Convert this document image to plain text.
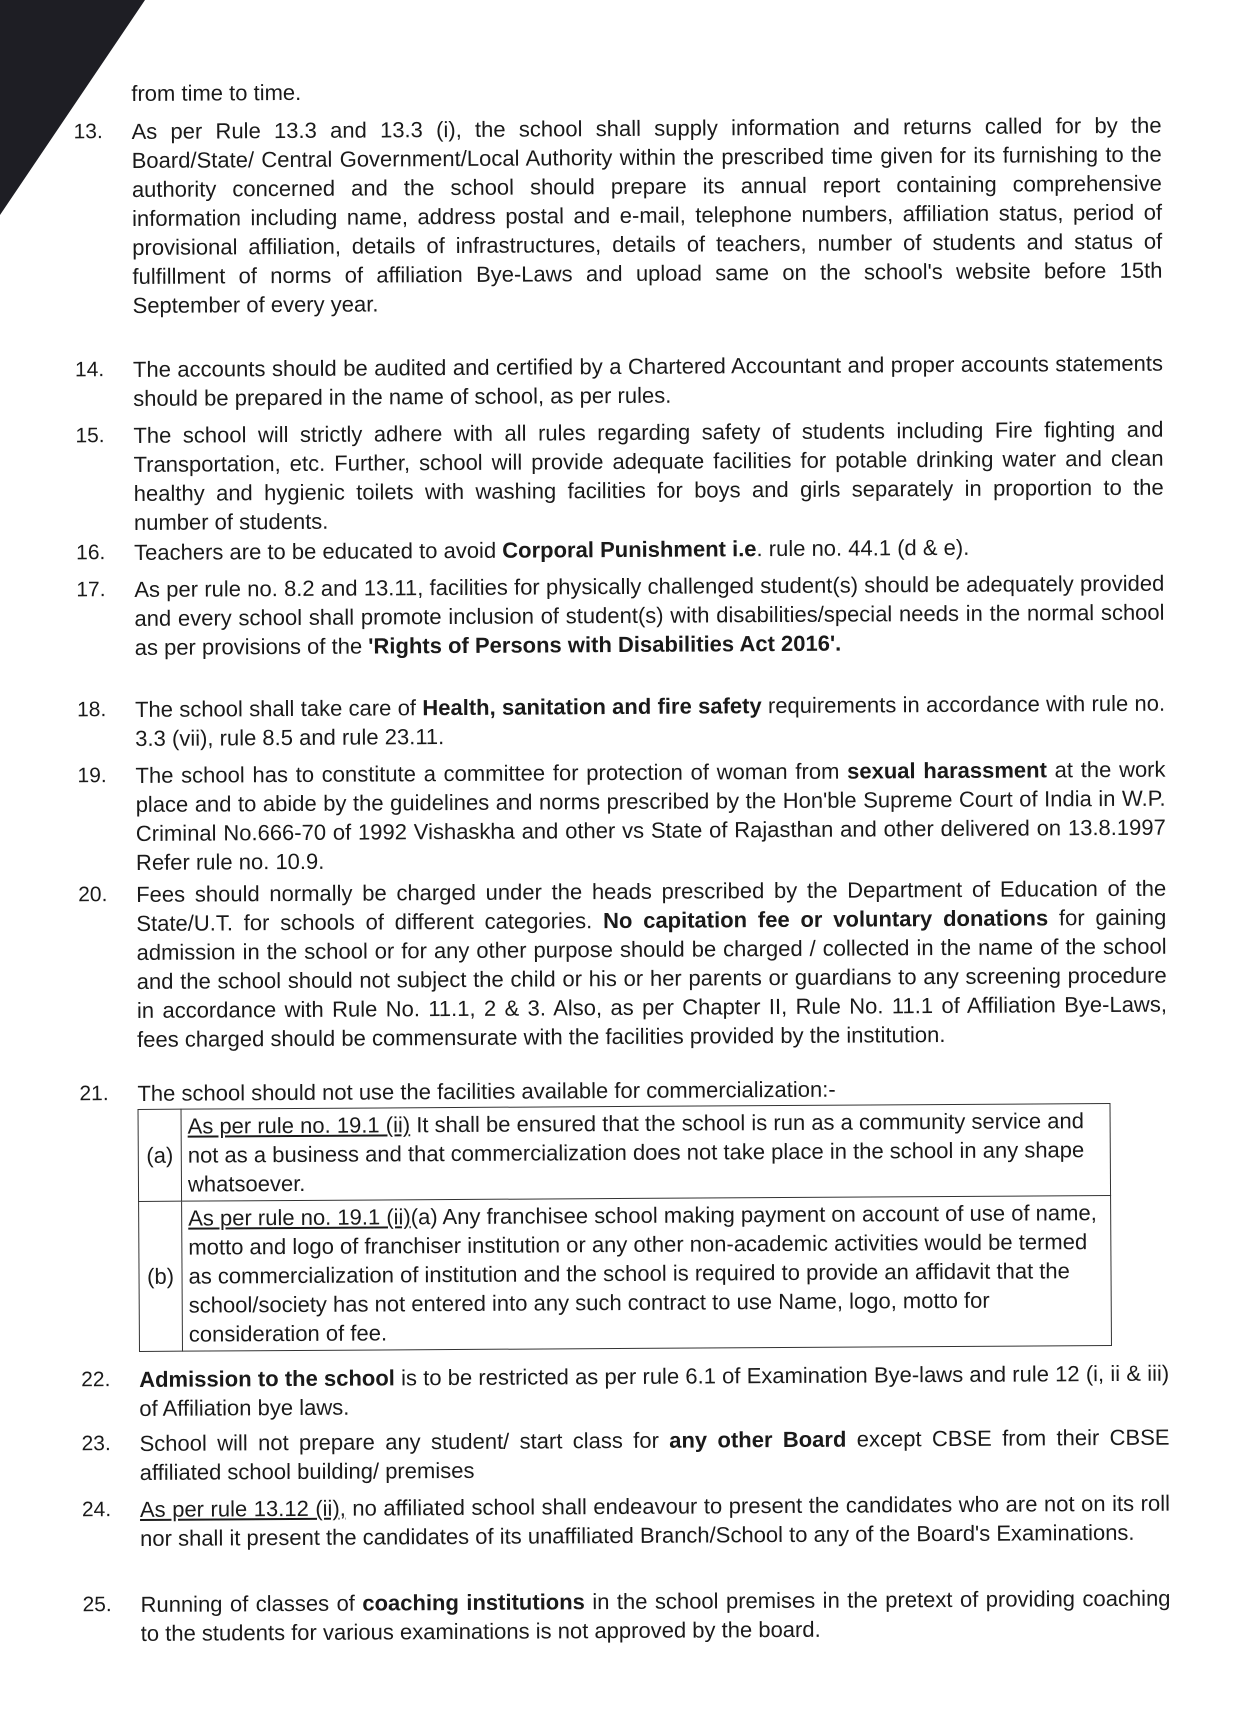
from time to time.
13.	As per Rule 13.3 and 13.3 (i), the school shall supply information and returns called for by the Board/State/ Central Government/Local Authority within the prescribed time given for its furnishing to the authority concerned and the school should prepare its annual report containing comprehensive information including name, address postal and e-mail, telephone numbers, affiliation status, period of provisional affiliation, details of infrastructures, details of teachers, number of students and status of fulfillment of norms of affiliation Bye-Laws and upload same on the school's website before 15th September of every year.
14.	The accounts should be audited and certified by a Chartered Accountant and proper accounts statements should be prepared in the name of school, as per rules.
15.	The school will strictly adhere with all rules regarding safety of students including Fire fighting and Transportation, etc. Further, school will provide adequate facilities for potable drinking water and clean healthy and hygienic toilets with washing facilities for boys and girls separately in proportion to the number of students.
16.	Teachers are to be educated to avoid Corporal Punishment i.e. rule no. 44.1 (d & e).
17.	As per rule no. 8.2 and 13.11, facilities for physically challenged student(s) should be adequately provided and every school shall promote inclusion of student(s) with disabilities/special needs in the normal school as per provisions of the 'Rights of Persons with Disabilities Act 2016'.
18.	The school shall take care of Health, sanitation and fire safety requirements in accordance with rule no. 3.3 (vii), rule 8.5 and rule 23.11.
19.	The school has to constitute a committee for protection of woman from sexual harassment at the work place and to abide by the guidelines and norms prescribed by the Hon'ble Supreme Court of India in W.P. Criminal No.666-70 of 1992 Vishaskha and other vs State of Rajasthan and other delivered on 13.8.1997 Refer rule no. 10.9.
20.	Fees should normally be charged under the heads prescribed by the Department of Education of the State/U.T. for schools of different categories. No capitation fee or voluntary donations for gaining admission in the school or for any other purpose should be charged / collected in the name of the school and the school should not subject the child or his or her parents or guardians to any screening procedure in accordance with Rule No. 11.1, 2 & 3. Also, as per Chapter II, Rule No. 11.1 of Affiliation Bye-Laws, fees charged should be commensurate with the facilities provided by the institution.
21.	The school should not use the facilities available for commercialization:-
22.	Admission to the school is to be restricted as per rule 6.1 of Examination Bye-laws and rule 12 (i, ii & iii) of Affiliation bye laws.
23.	School will not prepare any student/ start class for any other Board except CBSE from their CBSE affiliated school building/ premises
24.	As per rule 13.12 (ii), no affiliated school shall endeavour to present the candidates who are not on its roll nor shall it present the candidates of its unaffiliated Branch/School to any of the Board's Examinations.
25.	Running of classes of coaching institutions in the school premises in the pretext of providing coaching to the students for various examinations is not approved by the board.
(a)	As per rule no. 19.1 (ii) It shall be ensured that the school is run as a community service and not as a business and that commercialization does not take place in the school in any shape whatsoever.
(b)	As per rule no. 19.1 (ii)(a) Any franchisee school making payment on account of use of name, motto and logo of franchiser institution or any other non-academic activities would be termed as commercialization of institution and the school is required to provide an affidavit that the school/society has not entered into any such contract to use Name, logo, motto for consideration of fee.
